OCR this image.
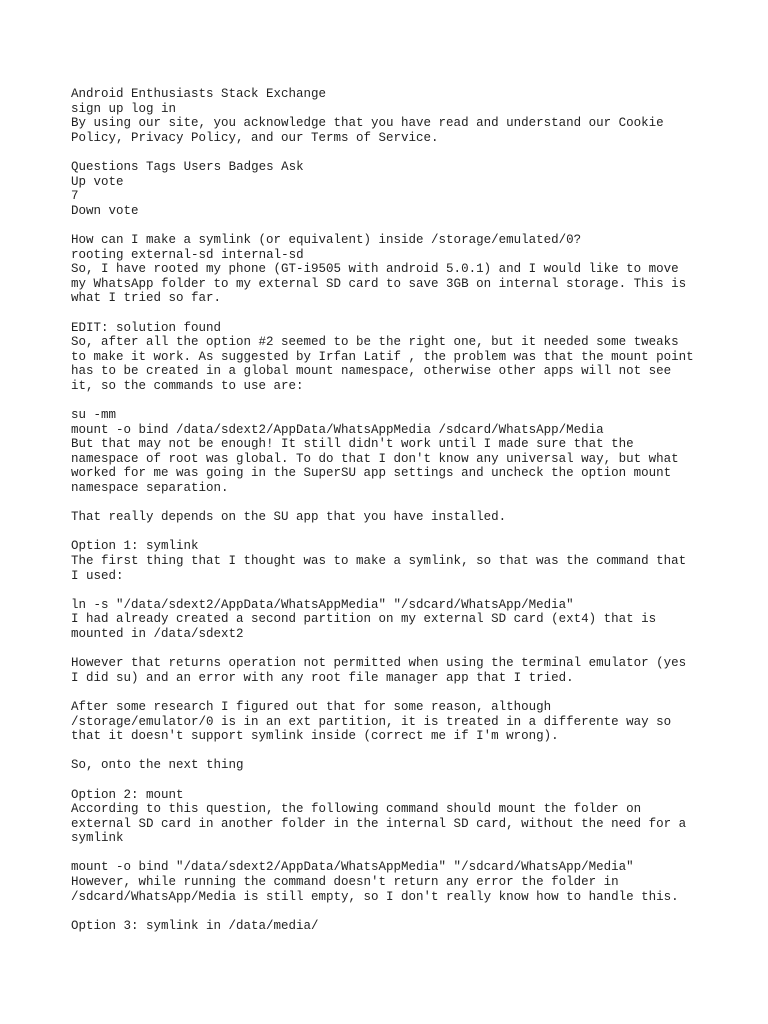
Android Enthusiasts Stack Exchange
sign up log in
By using our site, you acknowledge that you have read and understand our Cookie
Policy, Privacy Policy, and our Terms of Service.
Questions Tags Users Badges Ask
Up vote
7
Down vote
How can I make a symlink (or equivalent) inside /storage/emulated/0?
rooting external-sd internal-sd
So, I have rooted my phone (GT-i9505 with android 5.0.1) and I would like to move
my WhatsApp folder to my external SD card to save 3GB on internal storage. This is
what I tried so far.
EDIT: solution found
So, after all the option #2 seemed to be the right one, but it needed some tweaks
to make it work. As suggested by Irfan Latif , the problem was that the mount point
has to be created in a global mount namespace, otherwise other apps will not see
it, so the commands to use are:
su -mm
mount -o bind /data/sdext2/AppData/WhatsAppMedia /sdcard/WhatsApp/Media
But that may not be enough! It still didn't work until I made sure that the
namespace of root was global. To do that I don't know any universal way, but what
worked for me was going in the SuperSU app settings and uncheck the option mount
namespace separation.
That really depends on the SU app that you have installed.
Option 1: symlink
The first thing that I thought was to make a symlink, so that was the command that
I used:
ln -s "/data/sdext2/AppData/WhatsAppMedia" "/sdcard/WhatsApp/Media"
I had already created a second partition on my external SD card (ext4) that is
mounted in /data/sdext2
However that returns operation not permitted when using the terminal emulator (yes
I did su) and an error with any root file manager app that I tried.
After some research I figured out that for some reason, although
/storage/emulator/0 is in an ext partition, it is treated in a differente way so
that it doesn't support symlink inside (correct me if I'm wrong).
So, onto the next thing
Option 2: mount
According to this question, the following command should mount the folder on
external SD card in another folder in the internal SD card, without the need for a
symlink
mount -o bind "/data/sdext2/AppData/WhatsAppMedia" "/sdcard/WhatsApp/Media"
However, while running the command doesn't return any error the folder in
/sdcard/WhatsApp/Media is still empty, so I don't really know how to handle this.
Option 3: symlink in /data/media/
